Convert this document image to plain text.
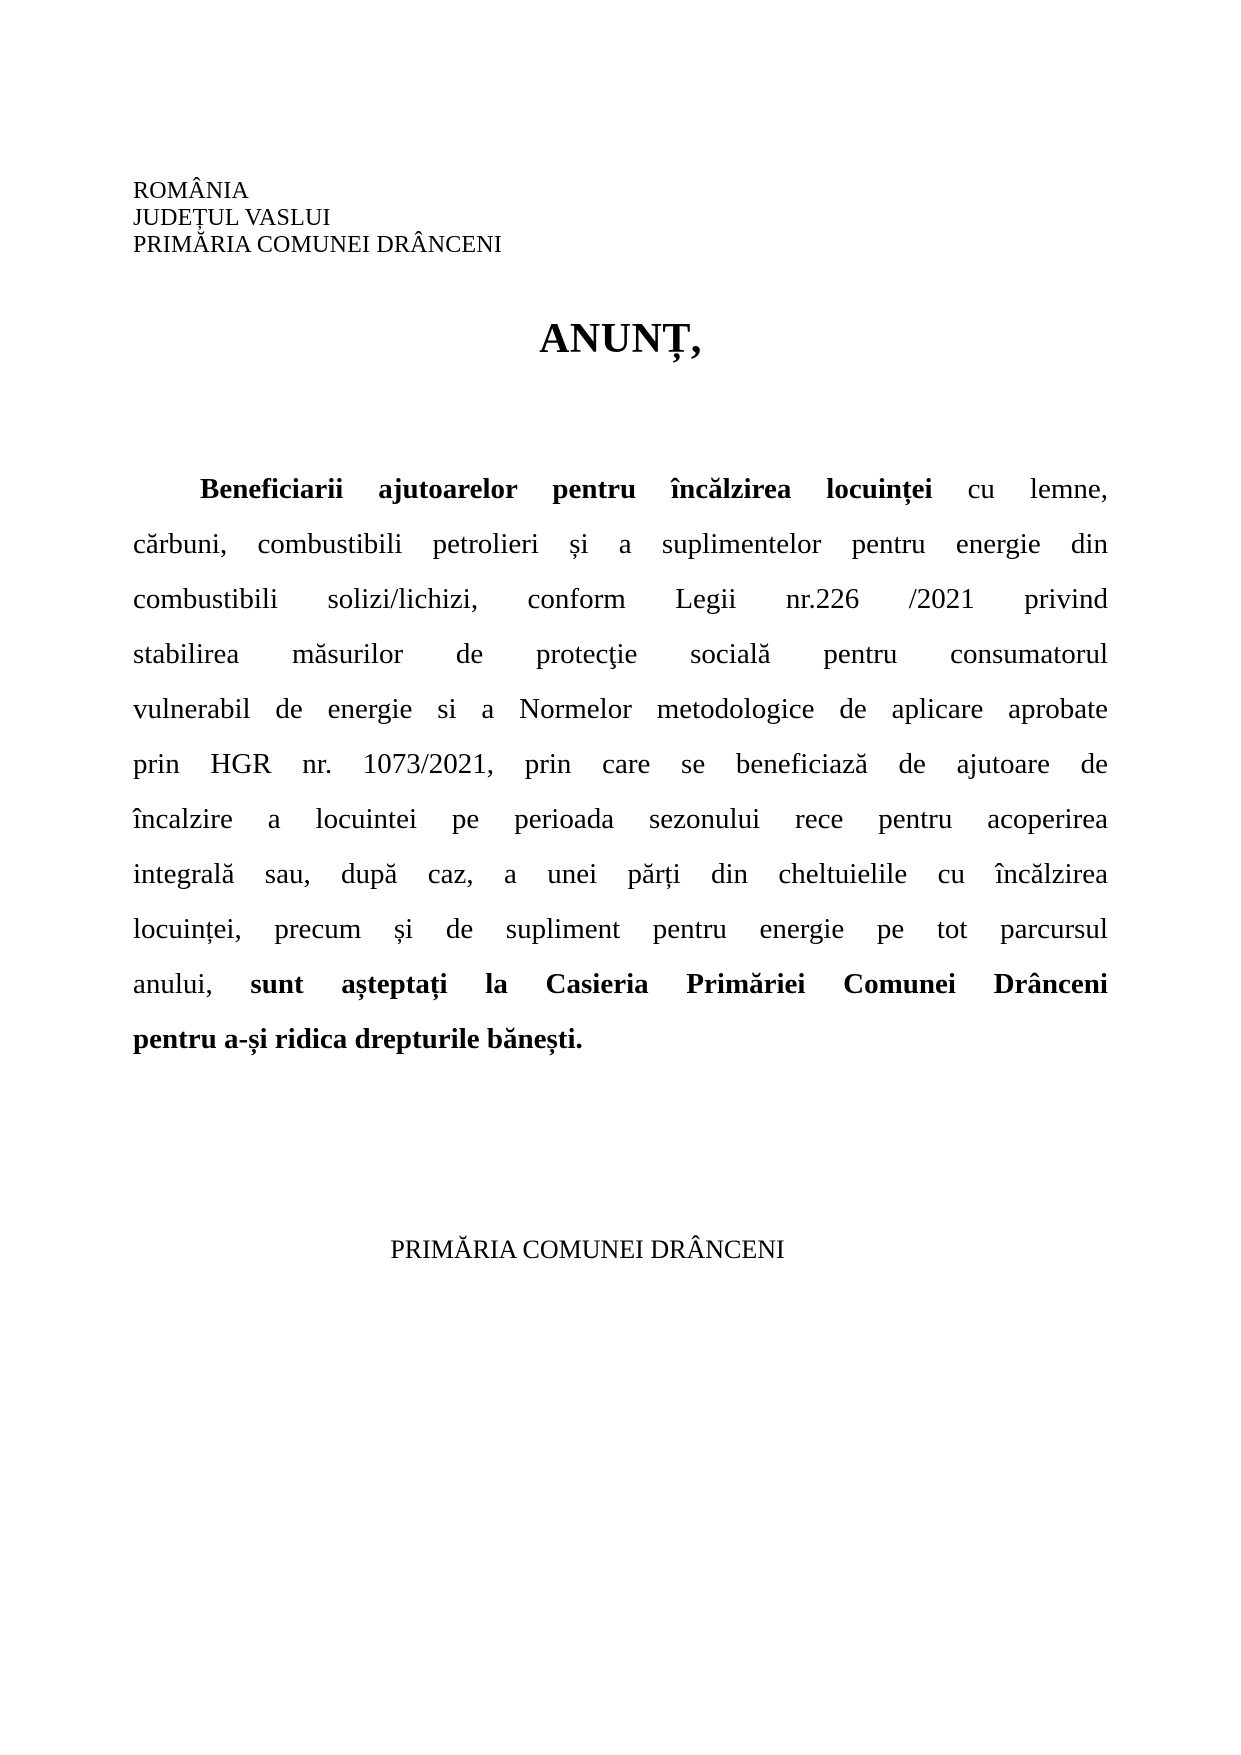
ROMÂNIA
JUDEȚUL VASLUI
PRIMĂRIA COMUNEI DRÂNCENI
ANUNȚ,
Beneficiarii ajutoarelor pentru încălzirea locuinței cu lemne,
cărbuni, combustibili petrolieri și a suplimentelor pentru energie din
combustibili solizi/lichizi, conform Legii nr.226 /2021 privind
stabilirea măsurilor de protecţie socială pentru consumatorul
vulnerabil de energie si a Normelor metodologice de aplicare aprobate
prin HGR nr. 1073/2021, prin care se beneficiază de ajutoare de
încalzire a locuintei pe perioada sezonului rece pentru acoperirea
integrală sau, după caz, a unei părți din cheltuielile cu încălzirea
locuinței, precum și de supliment pentru energie pe tot parcursul
anului, sunt așteptați la Casieria Primăriei Comunei Drânceni
pentru a-și ridica drepturile bănești.
PRIMĂRIA COMUNEI DRÂNCENI
